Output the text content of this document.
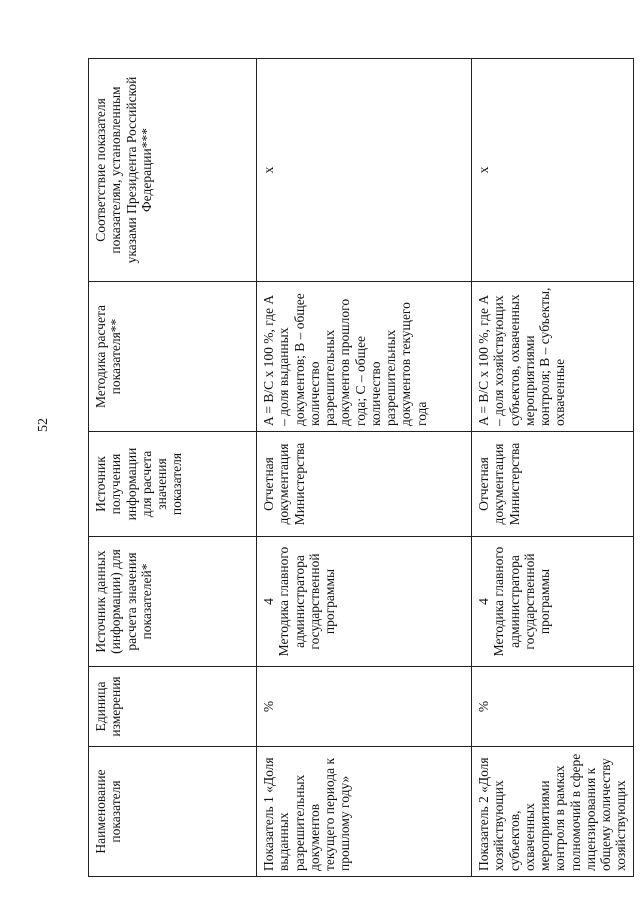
52
Наименование показателя	Единица измерения	Источник данных (информации) для расчета значения показателей*	Источник получения информации для расчета значения показателя	Методика расчета показателя**	Соответствие показателя показателям, установленным указами Президента Российской Федерации***
Показатель 1 «Доля выданных разрешительных документов текущего периода к прошлому году»	%	4 Методика главного администратора государственной программы	Отчетная документация Министерства	A = B/C x 100 %, где A – доля выданных документов; B – общее количество разрешительных документов прошлого года; C – общее количество разрешительных документов текущего года	x

Показатель 2 «Доля хозяйствующих субъектов, охваченных мероприятиями контроля в рамках полномочий в сфере лицензирования к общему количеству хозяйствующих	%	4 Методика главного администратора государственной программы	Отчетная документация Министерства	A = B/C x 100 %, где A – доля хозяйствующих субъектов, охваченных мероприятиями контроля; B – субъекты, охваченные	x
